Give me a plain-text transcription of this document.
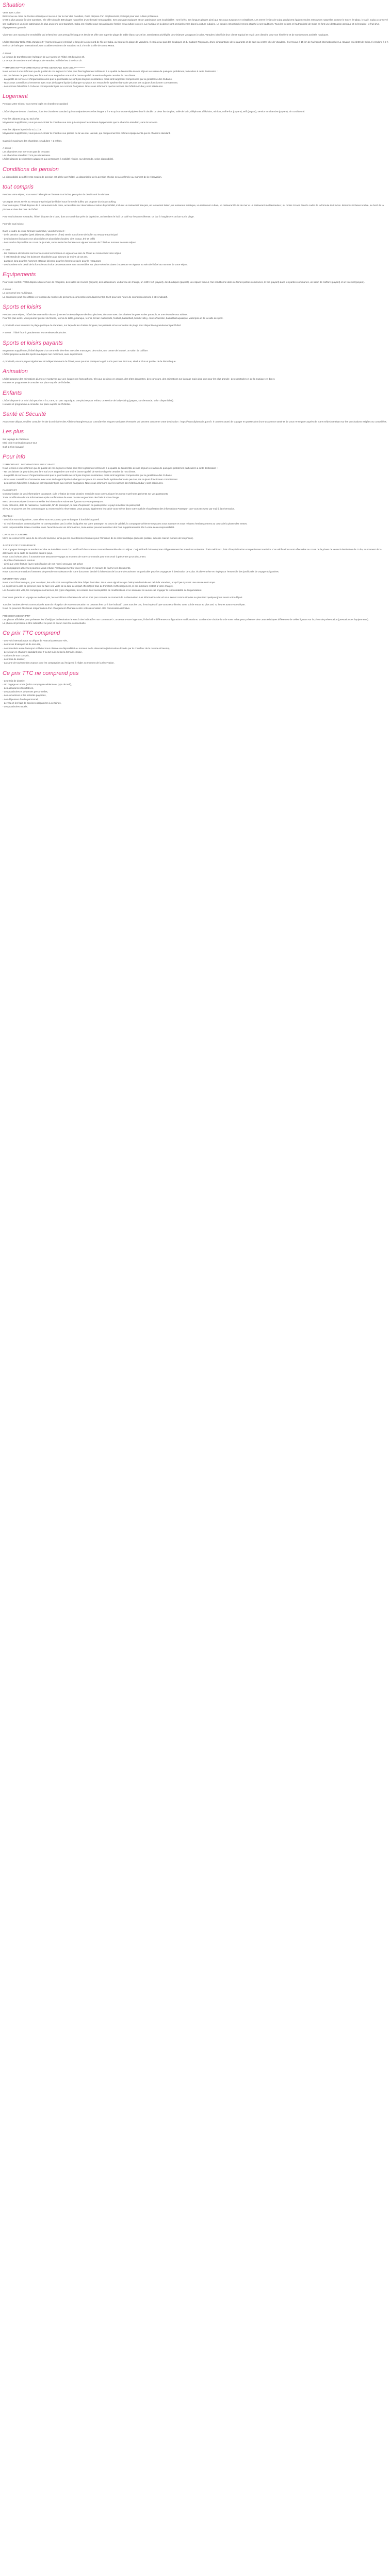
Situation

Venir avec Cuba !

Bienvenue au cœur de l'océan Atlantique et au seuil par la mer des Caraïbes, Cuba dispose d'un emplacement privilégié pour une culture préservée.

C'est la plus grande île des Caraïbes, elle offre plus de 300 plages naturelles d'une beauté remarquable. Ses paysages typiques et son patrimoine sont inoubliables : ses forêts, ses longues plages ainsi que ses eaux turquoise et cristallines. Les terres fertiles de Cuba produisent également des ressources naturelles comme le sucre, le tabac, le café. Cuba a conservé ses traditions et un riche patrimoine, la plus ancienne des Caraïbes, Cuba est réputée pour son ambiance festive et sa culture colorée. La musique et la danse sont omniprésentes dans la culture cubaine. Le peuple est particulièrement attaché à ses traditions. Tous les trésors et l'authenticité de Cuba en font une destination atypique et mémorable, le fruit d'un dépaysement garanti !

Vivement une eau marine ensoleillée qui s'étend sur une presqu'île longue et étroite et offre une superbe plage de sable blanc sur 22 km. Destination privilégiée des visiteurs voyageant à Cuba, Varadero bénéficie d'un climat tropical et reçoit une clientèle pour son hôtellerie et de nombreuses activités nautiques.

L'hôtel Iberostar Bella Vista Varadero 5* (normes locales) est situé le long de la côte nord de l'île de Cuba, au bord de la plage de Varadero. Il est à deux pas des boutiques et du Cabaret Tropicana, d'une cinquantaine de restaurants et de bars au centre ville de Varadero. Il se trouve à 15 km de l'aéroport international de La Havane et à 1h30 de Cuba. Il est donc à 2 h environ de l'aéroport international Juan Gualberto Gómez de Varadero et à 2 km de la ville de Santa Marta.

A savoir :

La longue de transfert entre l'aéroport de La Havane et l'hôtel est d'environ 2h.

La temps de transfert entre l'aéroport de Varadero et l'hôtel est d'environ 2h.

***IMPORTANT***INFORMATIONS OFFRE GENERALE SUR CUBA***********

Nous tenons à vous informer que la qualité de nos séjours à Cuba peut être légèrement inférieure à la qualité de l'ensemble de nos séjours en raison de quelques problèmes particuliers à cette destination :

- Ne pas laisser de pourboire peut être mal vu et engendrer une moins bonne qualité de service d'après certains de nos clients.

- La qualité de service et d'organisation ainsi que la ponctualité ne sont pas toujours constantes, mais sont largement compensées par la gentillesse des Cubains.

- Nous vous conseillons d'emmener avec vous de l'argent liquide à changer sur place. En revanche le système bancaire peut ne pas toujours fonctionner correctement.

- Les normes hôtelières à Cuba ne correspondent pas aux normes françaises. Nous vous informons que les normes des hôtels à Cuba y sont inférieures.

Logement

Pendant votre séjour, vous serez logés en chambres standard.

L'hôtel dispose de 827 chambres, dont les chambres standard qui sont réparties entre les étages 1 à 9 et qui sont toute équipées d'un lit double ou deux lits simples, salle de bain, téléphone, télévision, minibar, coffre-fort (payant), Wifi (payant), service en chambre (payant), air conditionné.

Pour les départs jusqu'au 31/10/19 :

Moyennant supplément, vous pouvez choisir la chambre vue mer qui comprend les mêmes équipements que la chambre standard, sans la terrasse.

Pour les départs à partir du 01/11/19 :

Moyennant supplément, vous pouvez choisir la chambre vue piscine ou la vue mer latérale, qui comprennent les mêmes équipements que la chambre standard.

Capacité maximum des chambres : 2 adultes + 1 enfant.

A savoir :

Les chambres vue mer n'ont pas de terrasse.

Les chambres standard n'ont pas de terrasse.

L'hôtel dispose de chambres adaptées aux personnes à mobilité réduite, sur demande, selon disponibilité.

Conditions de pension

La disponibilité des différents modes de pension est gérée par l'hôtel. La disponibilité de la pension choisie sera confirmée au moment de la réservation.

tout compris

Pendant votre séjour, vous serez hébergés en formule tout inclus, pour plus de détails voir la rubrique.

Vos repas seront servis au restaurant principal de l'hôtel sous forme de buffet, qui propose du show cooking.

Pour vos repas, l'hôtel dispose de 4 restaurants à la carte, accessibles sur réservation et selon disponibilité, incluant un restaurant français, un restaurant italien, un restaurant asiatique, un restaurant cubain, un restaurant fruits de mer et un restaurant méditerranéen ; au moins 18 ans dans le cadre de la formule tout inclus. Boissons incluses à table, au bord de la piscine et dans les bars de l'hôtel.

Pour vos boissons et snacks, l'hôtel dispose de 6 bars, dont un snack-bar près de la piscine, un bar dans le hall, un café sur l'espace détente, un bar à l'anglaise et un bar sur la plage.

Formule tout inclus :

Dans le cadre de votre formule tout inclus, vous bénéficiez :

- de la pension complète (petit déjeuner, déjeuner et dîner) servie sous forme de buffet au restaurant principal

- des boissons (boissons non alcoolisées et alcoolisées locales, vins locaux, thé et café)

- des snacks disponibles en cours de journée, servis selon les horaires en vigueur au sein de l'hôtel au moment de votre séjour.

A noter :

- les boissons alcoolisées sont servies selon les horaires en vigueur au sein de l'hôtel au moment de votre séjour.

- il est interdit de servir les boissons alcoolisées aux mineurs de moins de 18 ans,

- pantalon long pour les hommes et tenue décente pour les femmes exigée pour le restaurant.

- Les horaires et le détail de la formule tout inclus des restaurants sont accessibles sur place selon les dates d'ouverture en vigueur au sein de l'hôtel au moment de votre séjour.

Equipements

Pour votre confort, l'hôtel dispose d'un service de réception, des salles de réunion (payant), des ascenseurs, un bureau de change, un coffre-fort (payant), des boutiques (payant), un espace fumeur, l'air conditionné dans certaines parties communes, le wifi (payant) dans les parties communes, un salon de coiffure (payant) et un Internet (payant).

A savoir :

Le personnel est multilingue.

La connexion peut être difficile en fonction du nombre de personnes connectées simultanément (1 CUC pour une heure de connexion donnée à titre indicatif).

Sports et loisirs

Pendant votre séjour, l'hôtel Iberostar Bella Vista 5* (normes locales) dispose de deux piscines, dont une avec des chaises longues et des parasols, et une réservée aux adultes.

Pour les plus actifs, vous pourrez profiter du fitness, tennis de table, pétanque, tennis, terrain multisports, football, basketball, beach-volley, cours d'aérobic, basketball aquatique, waterpolo et de la salle de sport.

A proximité vous trouverez la plage publique de Varadero, sur laquelle les chaises longues, les parasols et les serviettes de plage sont disponibles gratuitement par l'hôtel.

A savoir : l'hôtel fournit gratuitement les serviettes de piscine.

Sports et loisirs payants

Moyennant supplément, l'hôtel dispose d'un centre de bien-être avec des massages, des soins, une centre de beauté, un salon de coiffure.

L'hôtel propose aussi des sports nautiques non motorisés, avec supplément.

A proximité, encore payant également et indépendamment de l'hôtel, vous pourrez pratiquer le golf sur le parcours 18 trous, situé à 2 km et profiter de la discothèque.

Animation

L'hôtel propose des animations diurnes et nocturnes par une équipe non francophone, très que des jeux en groupe, des tétes dansantes, des concours, des animations sur la plage mais ainsi que pour les plus grands ; des spectacles et de la musique en direct.

Horaires et programme à consulter sur place auprès de l'hôtelier.

Enfants

L'hôtel dispose d'un mini club pour les 4 à 12 ans, un parc aquatique, une piscine pour enfant, un service de baby-sitting (payant, sur demande, selon disponibilité).

Horaires et programme à consulter sur place auprès de l'hôtelier.

Santé et Sécurité

Avant votre départ, veuillez consulter le site du ministère des Affaires étrangères pour connaître les risques sanitaires éventuels qui peuvent concerner votre destination : https://www.diplomatie.gouv.fr. Il convient aussi de voyager en possession d'une assurance santé et de vous renseigner auprès de votre médecin traitant sur les vaccinations exigées ou conseillées.

Les plus

Sur la plage de Varadero

Mini club et animations pour tous

Golf à 2 km (payant)

Pour info

***IMPORTANT : INFORMATIONS SUR CUBA***

Nous tenons à vous informer que la qualité de nos séjours à Cuba peut être légèrement inférieure à la qualité de l'ensemble de nos séjours en raison de quelques problèmes particuliers à cette destination :

- Ne pas laisser de pourboire peut être mal vu et engendrer une moins bonne qualité de service d'après certains de nos clients.

- La qualité de service et d'organisation ainsi que la ponctualité ne sont pas toujours constantes, mais sont largement compensées par la gentillesse des Cubains.

- Nous vous conseillons d'emmener avec vous de l'argent liquide à changer sur place. En revanche le système bancaire peut ne pas toujours fonctionner correctement.

- Les normes hôtelières à Cuba ne correspondent pas aux normes françaises. Nous vous informons que les normes des hôtels à Cuba y sont inférieures.

PASSEPORT

Communication de vos informations passeport : à la création de votre dossier, merci de nous communiquer les noms et prénoms présents sur vos passeports.

Toute modification de vos informations après confirmation de votre dossier engendrera des frais à votre charge.

Merci de communiquer à votre conseiller les informations suivantes figurant sur votre passeport :

Nom, prénoms, date de naissance, nationalité, N° de passeport, la date d'expiration du passeport et le pays émetteur du passeport.

Si vous ne pouvez pas les communiquer au moment de la réservation, vous pouvez également les saisir vous-même dans votre outil de récupération des informations Passeport que vous recevrez par mail à la réservation.

Attention :

- Les infos sont obligatoires ; sans elles vous ne pourrez pas embarquer à bord de l'appareil.

- Si les informations communiquées ne correspondent pas à celles indiquées sur votre passeport au cours de validité, la compagnie aérienne ne pourra vous accepter et vous refusera l'embarquement au cours de la phase des ventes.

Votre responsabilité totale et entière dans l'exactitude de vos informations, toute erreur pouvant entraîner des frais supplémentaires liés à votre seule responsabilité.

CARTE DE TOURISME

Merci de conserver le talon de la carte de tourisme, ainsi que les coordonnées fournies pour l'émission de la carte touristique (adresse postale, adresse mail et numéro de téléphone).

JUSTIFICATIF D'ASSURANCE

Tout voyageur étranger se rendant à Cuba se doit d'être muni d'un justificatif d'assurance couvrant l'ensemble de son séjour. Ce justificatif doit comporter obligatoirement les mentions suivantes : frais médicaux, frais d'hospitalisation et rapatriement sanitaire. Ces vérifications sont effectuées au cours de la phase de vente à destination de Cuba, au moment de la délivrance de la carte de tourisme dans le pays.

Nous vous invitons donc à souscrire une assurance voyage au moment de votre commande pour n'en avoir à présenter qu'un document.

- la police d'assurance retenue

- ainsi que votre facture (avec spécification de vos noms) prouvant cet achat

Les compagnies aériennes pourront vous refuser l'embarquement si vous n'êtes pas en mesure de fournir ces documents.

Nous vous recommandons fortement de prendre connaissance de notre document destiné à l'obtention de la carte de tourisme, en particulier pour les voyageurs à destination de Cuba. Ils doivent être en règle pour l'ensemble des justificatifs de voyage obligatoires.

INFORMATION VOLS

Nous vous informons que, pour ce séjour, les vols sont susceptibles de faire l'objet d'escales. Nous vous signalons que l'aéroport d'arrivée est celui de Varadero, et qu'il peut y avoir une escale en Europe.

Le départ de la ville de province peut se faire à la veille de la date de départ effectif (les frais de transfert et d'hébergement, le cas échéant, restent à votre charge).

Les horaires des vols, les compagnies aériennes, les types d'appareil, les escales sont susceptibles de modifications et ne sauraient en aucun cas engager la responsabilité de l'organisateur.

Pour vous garantir un voyage au meilleur prix, les conditions et horaires de vol ne sont pas connues au moment de la réservation. Les informations de vol vous seront communiquées au plus tard quelques jours avant votre départ.

Tous les horaires de vols communiqués avant la réception de votre convocation ne pouvant être qu'à titre indicatif. Dans tous les cas, il est impératif que vous reconfirmiez votre vol de retour au plus tard 72 heures avant votre départ.

Nous ne pouvons être tenus responsables d'un changement d'horaires entre votre réservation et la convocation définitive.

PRÉCISION DESCRIPTIF

Les photos affichées pour présenter les hôtel(s) et la destination le sont à titre indicatif et non contractuel. Concernant votre logement, l'hôtel offre différentes configurations et décorations. La chambre choisie lors de votre achat peut présenter des caractéristiques différentes de celles figurant sur la photo de présentation (prestations et équipements).

La photo est présente à titre indicatif et ne peut en aucun cas être contractuelle.

Ce prix TTC comprend

- Les vols internationaux au départ de France/La Havane A/R,

- Les taxes d'aéroport et de sécurité,

- Les transferts entre l'aéroport et l'hôtel sous réserve de disponibilité au moment de la réservation (information donnée par le chauffeur de la navette si besoin),

- Le séjour en chambre standard pour 7 ou 12 nuits selon la formule choisie,

- La formule tout compris,

- Les frais de dossier,

- La carte de tourisme (en avance pour les compagnies qui l'exigent) à régler au moment de la réservation.

Ce prix TTC ne comprend pas

- Les frais de dossier,

- Un bagage en soute (selon compagnie aérienne et type de tarif),

- Les assurances facultatives,

- Les pourboires et dépenses personnelles,

- Les excursions et les activités payantes,

- Les dépenses d'ordre personnel,

- Le visa et les frais de services obligatoires à certaines,

- Les pourboires usuels.
